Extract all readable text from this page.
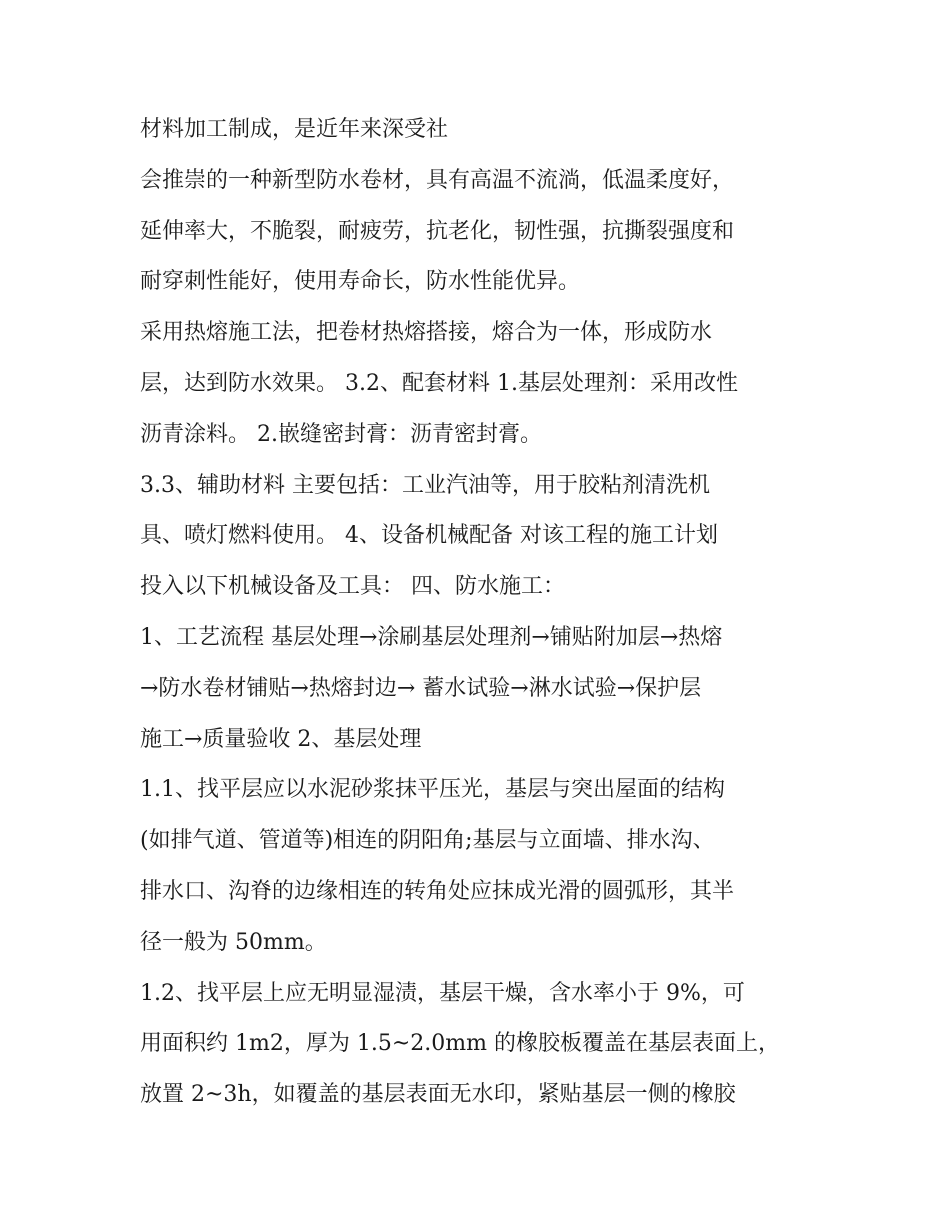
材料加工制成，是近年来深受社
会推崇的一种新型防水卷材，具有高温不流淌，低温柔度好，
延伸率大，不脆裂，耐疲劳，抗老化，韧性强，抗撕裂强度和
耐穿刺性能好，使用寿命长，防水性能优异。
采用热熔施工法，把卷材热熔搭接，熔合为一体，形成防水
层，达到防水效果。 3.2、配套材料 1.基层处理剂：采用改性
沥青涂料。 2.嵌缝密封膏：沥青密封膏。
3.3、辅助材料 主要包括：工业汽油等，用于胶粘剂清洗机
具、喷灯燃料使用。 4、设备机械配备 对该工程的施工计划
投入以下机械设备及工具： 四、防水施工：
1、工艺流程 基层处理→涂刷基层处理剂→铺贴附加层→热熔
→防水卷材铺贴→热熔封边→ 蓄水试验→淋水试验→保护层
施工→质量验收 2、基层处理
1.1、找平层应以水泥砂浆抹平压光，基层与突出屋面的结构
(如排气道、管道等)相连的阴阳角;基层与立面墙、排水沟、
排水口、沟脊的边缘相连的转角处应抹成光滑的圆弧形，其半
径一般为 50mm。
1.2、找平层上应无明显湿渍，基层干燥，含水率小于 9%，可
用面积约 1m2，厚为 1.5~2.0mm 的橡胶板覆盖在基层表面上，
放置 2~3h，如覆盖的基层表面无水印，紧贴基层一侧的橡胶
